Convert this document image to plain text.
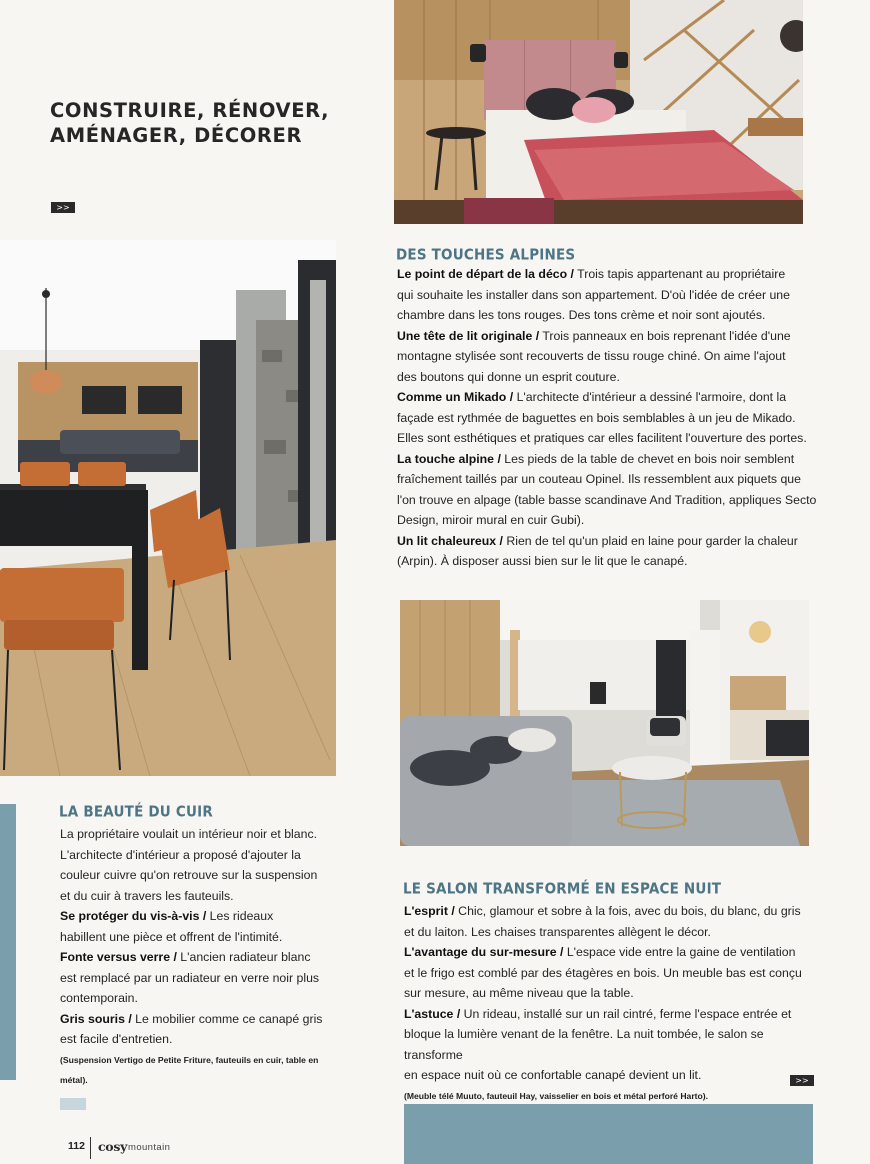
CONSTRUIRE, RÉNOVER,
AMÉNAGER, DÉCORER
>>
DES TOUCHES ALPINES

Le point de départ de la déco / Trois tapis appartenant au propriétaire
qui souhaite les installer dans son appartement. D'où l'idée de créer une
chambre dans les tons rouges. Des tons crème et noir sont ajoutés.

Une tête de lit originale / Trois panneaux en bois reprenant l'idée d'une
montagne stylisée sont recouverts de tissu rouge chiné. On aime l'ajout
des boutons qui donne un esprit couture.

Comme un Mikado / L'architecte d'intérieur a dessiné l'armoire, dont la
façade est rythmée de baguettes en bois semblables à un jeu de Mikado.
Elles sont esthétiques et pratiques car elles facilitent l'ouverture des portes.

La touche alpine / Les pieds de la table de chevet en bois noir semblent
fraîchement taillés par un couteau Opinel. Ils ressemblent aux piquets que
l'on trouve en alpage (table basse scandinave And Tradition, appliques Secto
Design, miroir mural en cuir Gubi).

Un lit chaleureux / Rien de tel qu'un plaid en laine pour garder la chaleur
(Arpin). À disposer aussi bien sur le lit que le canapé.

LA BEAUTÉ DU CUIR

La propriétaire voulait un intérieur noir et blanc.
L'architecte d'intérieur a proposé d'ajouter la
couleur cuivre qu'on retrouve sur la suspension
et du cuir à travers les fauteuils.

Se protéger du vis-à-vis / Les rideaux
habillent une pièce et offrent de l'intimité.

Fonte versus verre / L'ancien radiateur blanc
est remplacé par un radiateur en verre noir plus
contemporain.

Gris souris / Le mobilier comme ce canapé gris
est facile d'entretien.

(Suspension Vertigo de Petite Friture, fauteuils en cuir, table en
métal).

LE SALON TRANSFORMÉ EN ESPACE NUIT

L'esprit / Chic, glamour et sobre à la fois, avec du bois, du blanc, du gris
et du laiton. Les chaises transparentes allègent le décor.

L'avantage du sur-mesure / L'espace vide entre la gaine de ventilation
et le frigo est comblé par des étagères en bois. Un meuble bas est conçu
sur mesure, au même niveau que la table.

L'astuce / Un rideau, installé sur un rail cintré, ferme l'espace entrée et
bloque la lumière venant de la fenêtre. La nuit tombée, le salon se transforme
en espace nuit où ce confortable canapé devient un lit.

(Meuble télé Muuto, fauteuil Hay, vaisselier en bois et métal perforé Harto).

>>
112 cosy mountain
